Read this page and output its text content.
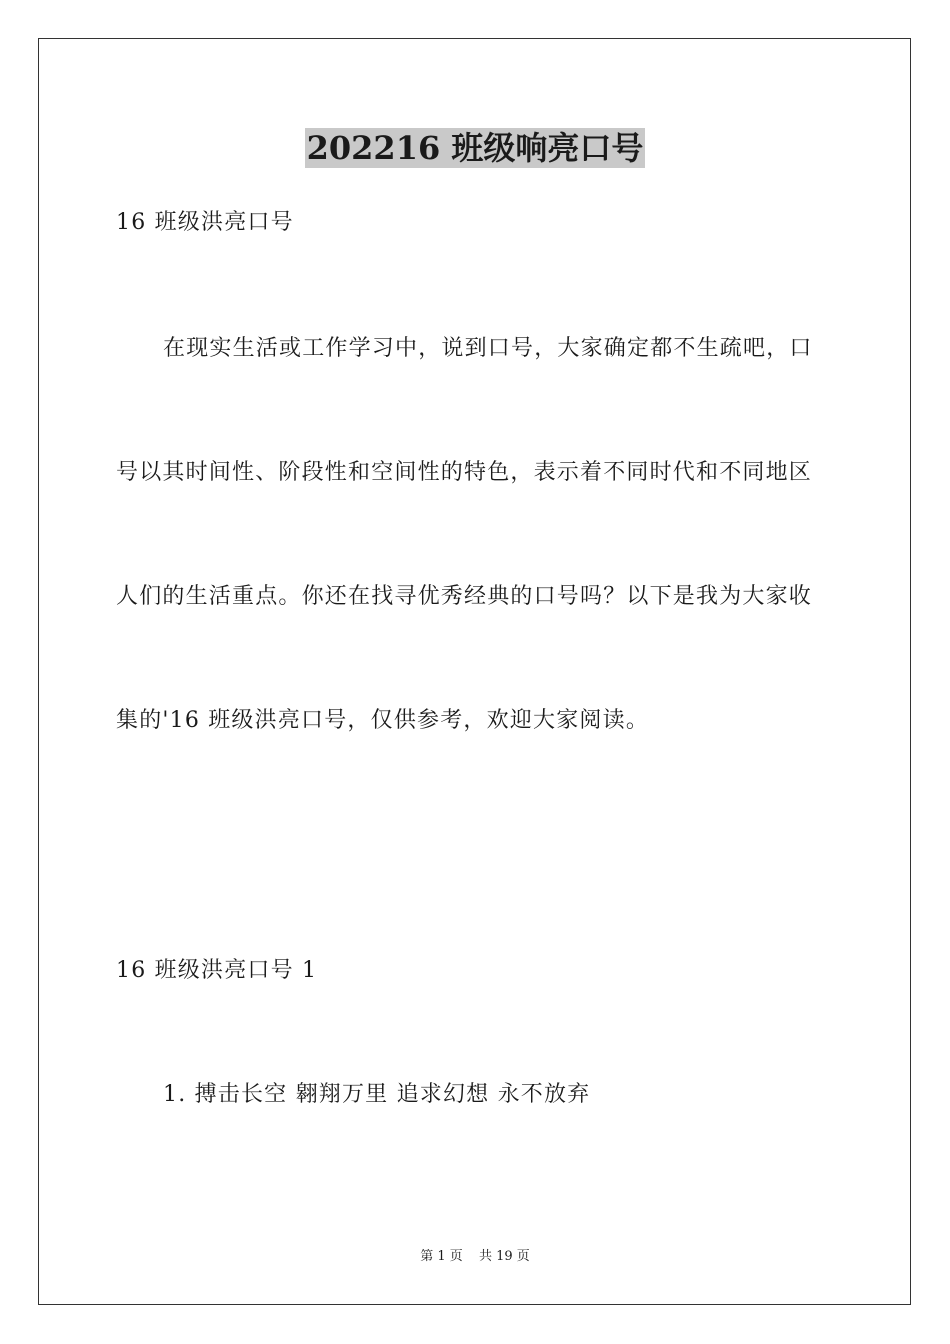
202216 班级响亮口号
16 班级洪亮口号
在现实生活或工作学习中，说到口号，大家确定都不生疏吧，口
号以其时间性、阶段性和空间性的特色，表示着不同时代和不同地区
人们的生活重点。你还在找寻优秀经典的口号吗？以下是我为大家收
集的'16 班级洪亮口号，仅供参考，欢迎大家阅读。
16 班级洪亮口号 1
1. 搏击长空 翱翔万里 追求幻想 永不放弃
第 1 页 共 19 页
